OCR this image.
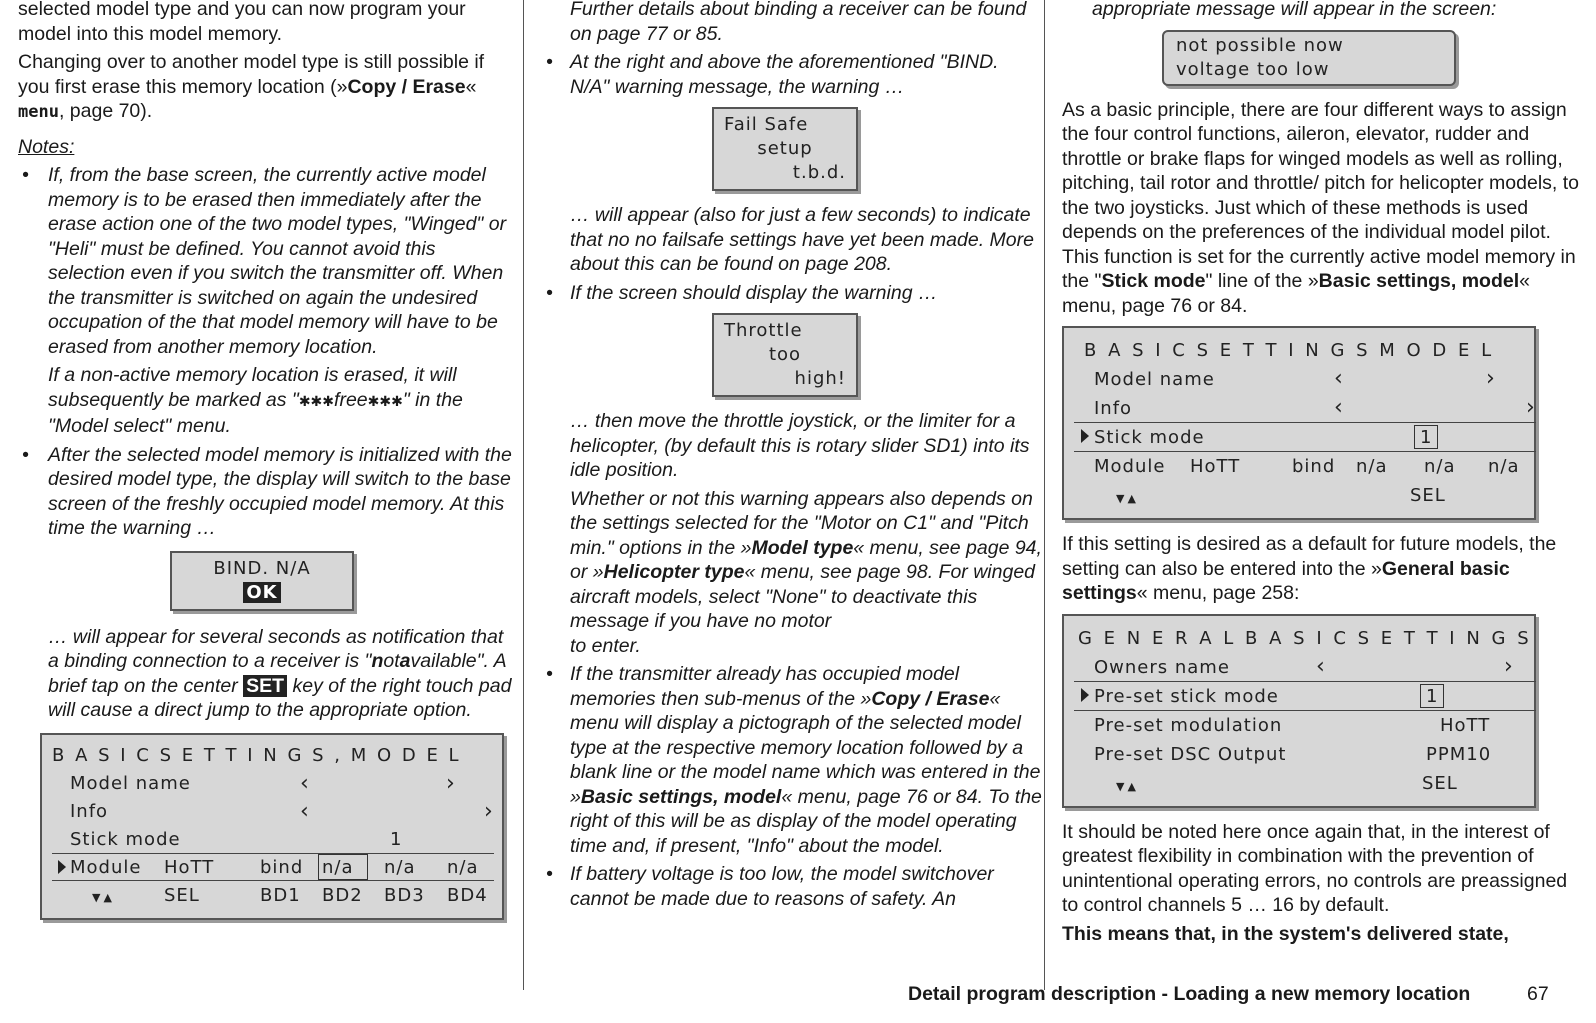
selected model type and you can now program your model into this model memory.

Changing over to another model type is still possible if you first erase this memory location (»Copy / Erase« menu, page 70).

Notes:

• If, from the base screen, the currently active model memory is to be erased then immediately after the erase action one of the two model types, "Winged" or "Heli" must be defined. You cannot avoid this selection even if you switch the transmitter off. When the transmitter is switched on again the undesired occupation of the that model memory will have to be erased from another memory location.

If a non-active memory location is erased, it will subsequently be marked as "✱✱✱free✱✱✱" in the "Model select" menu.

• After the selected model memory is initialized with the desired model type, the display will switch to the base screen of the freshly occupied model memory. At this time the warning …

BIND. N/A
OK

… will appear for several seconds as notification that a binding connection to a receiver is "notavailable". A brief tap on the center SET key of the right touch pad will cause a direct jump to the appropriate option.

B A S I C S E T T I N G S , M O D E L
Model name	‹	›
Info	‹	›
Stick mode	1
Module HoTT	bind n/a n/a n/a
▼▲	SEL	BD1 BD2 BD3 BD4

Further details about binding a receiver can be found on page 77 or 85.

• At the right and above the aforementioned "BIND. N/A" warning message, the warning …

Fail Safe
setup
t.b.d.

… will appear (also for just a few seconds) to indicate that no no failsafe settings have yet been made. More about this can be found on page 208.

• If the screen should display the warning …

Throttle
too
high!

… then move the throttle joystick, or the limiter for a helicopter, (by default this is rotary slider SD1) into its idle position.

Whether or not this warning appears also depends on the settings selected for the "Motor on C1" and "Pitch min." options in the »Model type« menu, see page 94, or »Helicopter type« menu, see page 98. For winged aircraft models, select "None" to deactivate this message if you have no motor
to enter.

• If the transmitter already has occupied model memories then sub-menus of the »Copy / Erase« menu will display a pictograph of the selected model type at the respective memory location followed by a blank line or the model name which was entered in the »Basic settings, model« menu, page 76 or 84. To the right of this will be as display of the model operating time and, if present, "Info" about the model.

• If battery voltage is too low, the model switchover cannot be made due to reasons of safety. An

appropriate message will appear in the screen:

not possible now
voltage too low

As a basic principle, there are four different ways to assign the four control functions, aileron, elevator, rudder and throttle or brake flaps for winged models as well as rolling, pitching, tail rotor and throttle/ pitch for helicopter models, to the two joysticks. Just which of these methods is used depends on the preferences of the individual model pilot. This function is set for the currently active model memory in the "Stick mode" line of the »Basic settings, model« menu, page 76 or 84.

B A S I C S E T T I N G S M O D E L
Model name	‹	›
Info	‹	›
Stick mode	1
Module HoTT	bind n/a n/a n/a
▼▲	SEL

If this setting is desired as a default for future models, the setting can also be entered into the »General basic settings« menu, page 258:

G E N E R A L B A S I C S E T T I N G S
Owners name	‹	›
Pre-set stick mode	1
Pre-set modulation	HoTT
Pre-set DSC Output	PPM10
▼▲	SEL

It should be noted here once again that, in the interest of greatest flexibility in combination with the prevention of unintentional operating errors, no controls are preassigned to control channels 5 … 16 by default.

This means that, in the system's delivered state,

Detail program description - Loading a new memory location	67
